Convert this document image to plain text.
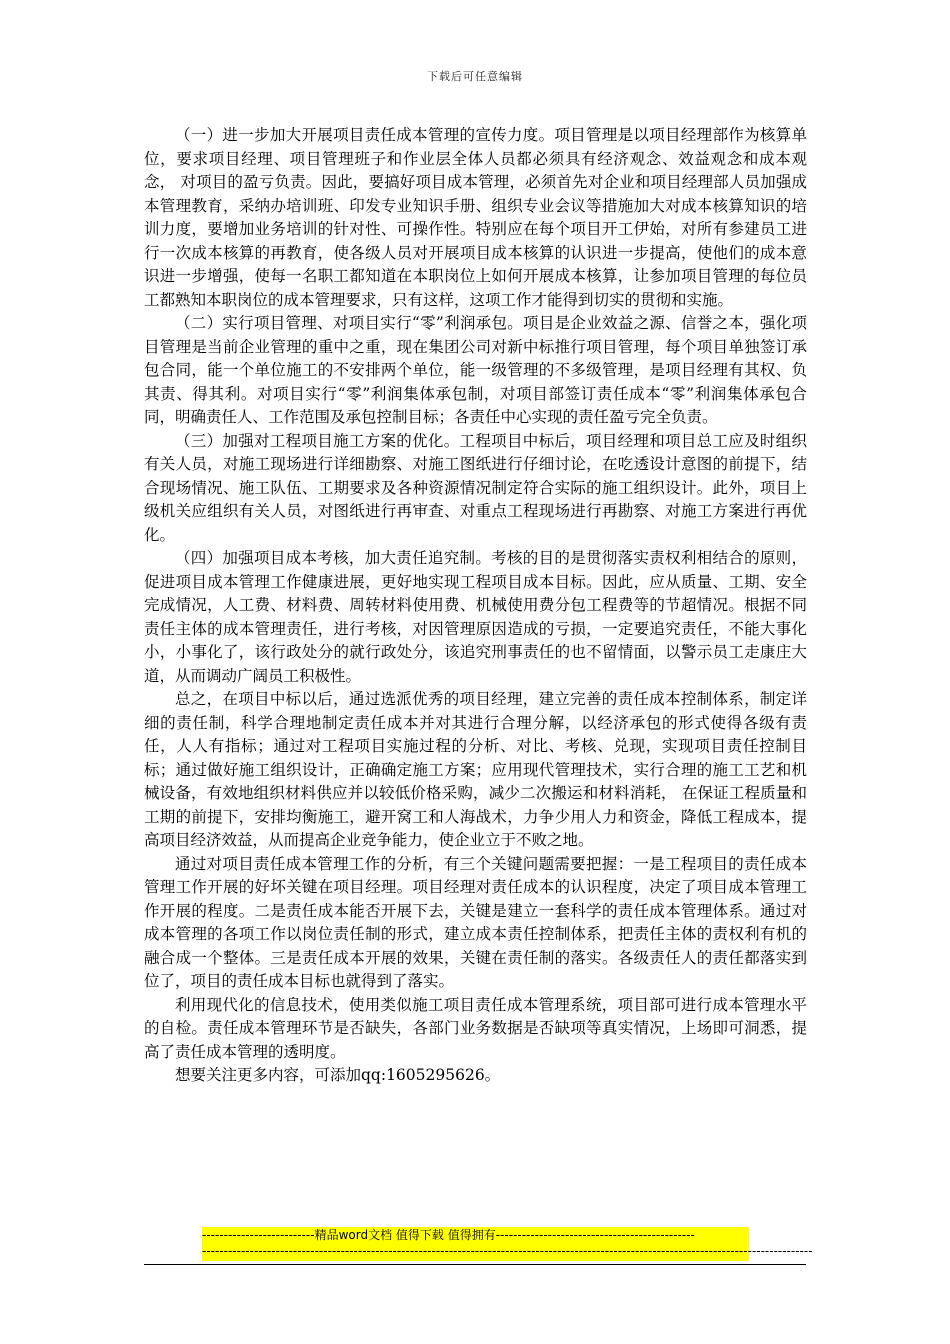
下载后可任意编辑

（一）进一步加大开展项目责任成本管理的宣传力度。项目管理是以项目经理部作为核算单位，要求项目经理、项目管理班子和作业层全体人员都必须具有经济观念、效益观念和成本观念， 对项目的盈亏负责。因此，要搞好项目成本管理，必须首先对企业和项目经理部人员加强成本管理教育，采纳办培训班、印发专业知识手册、组织专业会议等措施加大对成本核算知识的培训力度，要增加业务培训的针对性、可操作性。特别应在每个项目开工伊始，对所有参建员工进行一次成本核算的再教育，使各级人员对开展项目成本核算的认识进一步提高，使他们的成本意识进一步增强，使每一名职工都知道在本职岗位上如何开展成本核算，让参加项目管理的每位员工都熟知本职岗位的成本管理要求，只有这样，这项工作才能得到切实的贯彻和实施。

（二）实行项目管理、对项目实行“零”利润承包。项目是企业效益之源、信誉之本，强化项目管理是当前企业管理的重中之重，现在集团公司对新中标推行项目管理，每个项目单独签订承包合同，能一个单位施工的不安排两个单位，能一级管理的不多级管理，是项目经理有其权、负其责、得其利。对项目实行“零”利润集体承包制，对项目部签订责任成本“零”利润集体承包合同，明确责任人、工作范围及承包控制目标；各责任中心实现的责任盈亏完全负责。

（三）加强对工程项目施工方案的优化。工程项目中标后，项目经理和项目总工应及时组织有关人员，对施工现场进行详细勘察、对施工图纸进行仔细讨论，在吃透设计意图的前提下，结合现场情况、施工队伍、工期要求及各种资源情况制定符合实际的施工组织设计。此外，项目上级机关应组织有关人员，对图纸进行再审查、对重点工程现场进行再勘察、对施工方案进行再优化。

（四）加强项目成本考核，加大责任追究制。考核的目的是贯彻落实责权利相结合的原则，促进项目成本管理工作健康进展，更好地实现工程项目成本目标。因此，应从质量、工期、安全完成情况，人工费、材料费、周转材料使用费、机械使用费分包工程费等的节超情况。根据不同责任主体的成本管理责任，进行考核，对因管理原因造成的亏损，一定要追究责任，不能大事化小，小事化了，该行政处分的就行政处分，该追究刑事责任的也不留情面，以警示员工走康庄大道，从而调动广阔员工积极性。

总之，在项目中标以后，通过选派优秀的项目经理，建立完善的责任成本控制体系，制定详细的责任制，科学合理地制定责任成本并对其进行合理分解，以经济承包的形式使得各级有责任，人人有指标；通过对工程项目实施过程的分析、对比、考核、兑现，实现项目责任控制目标；通过做好施工组织设计，正确确定施工方案；应用现代管理技术，实行合理的施工工艺和机械设备，有效地组织材料供应并以较低价格采购，减少二次搬运和材料消耗， 在保证工程质量和工期的前提下，安排均衡施工，避开窝工和人海战术，力争少用人力和资金，降低工程成本，提高项目经济效益，从而提高企业竞争能力，使企业立于不败之地。

通过对项目责任成本管理工作的分析，有三个关键问题需要把握：一是工程项目的责任成本管理工作开展的好坏关键在项目经理。项目经理对责任成本的认识程度，决定了项目成本管理工作开展的程度。二是责任成本能否开展下去，关键是建立一套科学的责任成本管理体系。通过对成本管理的各项工作以岗位责任制的形式，建立成本责任控制体系，把责任主体的责权利有机的融合成一个整体。三是责任成本开展的效果，关键在责任制的落实。各级责任人的责任都落实到位了，项目的责任成本目标也就得到了落实。

利用现代化的信息技术，使用类似施工项目责任成本管理系统，项目部可进行成本管理水平的自检。责任成本管理环节是否缺失，各部门业务数据是否缺项等真实情况，上场即可洞悉，提高了责任成本管理的透明度。

想要关注更多内容，可添加qq:1605295626。

--------------------------精品word文档 值得下载 值得拥有----------------------------------------------
---------------------------------------------------------------------------------------------------------------------------------------------
